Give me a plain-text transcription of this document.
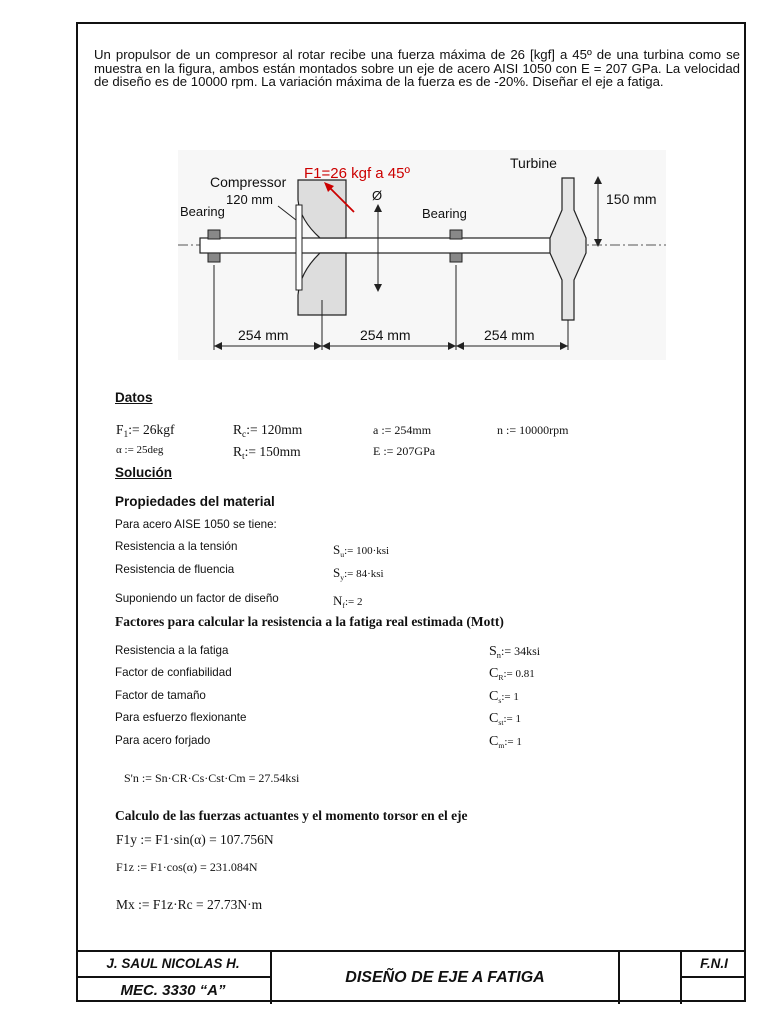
Un propulsor de un compresor al rotar recibe una fuerza máxima de 26 [kgf] a 45º de una turbina como se muestra en la figura, ambos están montados sobre un eje de acero AISI 1050 con E = 207 GPa. La velocidad de diseño es de 10000 rpm. La variación máxima de la fuerza es de -20%. Diseñar el eje a fatiga.

Compressor F1=26 kgf a 45º
Turbine
Bearing	Bearing
120 mm	150 mm
Ø
254 mm	254 mm	254 mm
Datos
$F_1:= 26kgf$	$R_c:= 120mm$	a := 254mm	n := 10000rpm
α := 25deg	$R_t:= 150mm$	E := 207GPa
Solución
Propiedades del material
Para acero AISE 1050 se tiene:
Resistencia a la tensión	$S_u:= 100\cdot ksi$
Resistencia de fluencia	$S_y:= 84\cdot ksi$
Suponiendo un factor de diseño	$N_f:= 2$
Factores para calcular la resistencia a la fatiga real estimada (Mott)
Resistencia a la fatiga	$S_n:= 34ksi$
Factor de confiabilidad	$C_R:= 0.81$
Factor de tamaño	$C_s:= 1$
Para esfuerzo flexionante	$C_{st}:= 1$
Para acero forjado	$C_m:= 1$
S'n := Sn·CR·Cs·Cst·Cm = 27.54ksi
Calculo de las fuerzas actuantes y el momento torsor en el eje
F1y := F1·sin(α) = 107.756N
F1z := F1·cos(α) = 231.084N
Mx := F1z·Rc = 27.73N·m
J. SAUL NICOLAS H.
MEC. 3330 “A”
DISEÑO DE EJE A FATIGA
F.N.I
